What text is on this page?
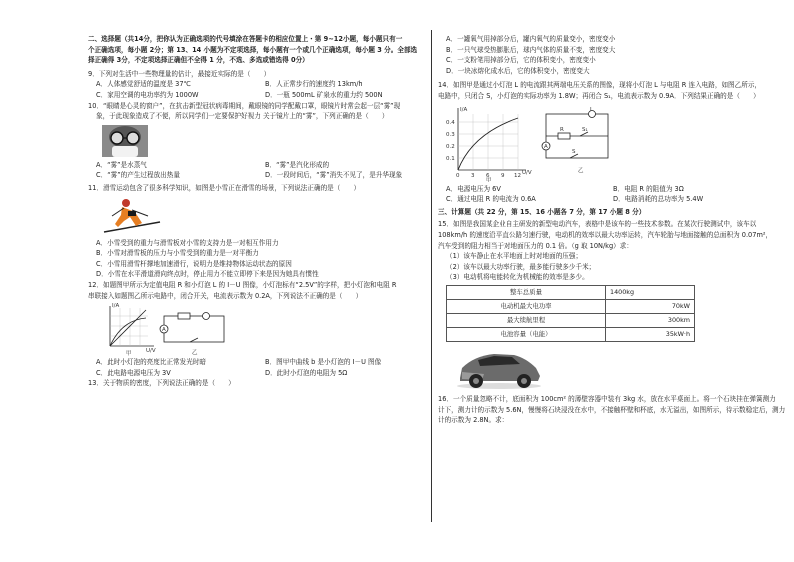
二、选择题（共14分，把你认为正确选项的代号填涂在答题卡的相应位置上・第 9~12小题，每小题只有一
个正确选项，每小题 2分；第 13、14 小题为不定项选择，每小题有一个或几个正确选项，每小题 3 分。全部选
择正确得 3分，不定项选择正确但不全得 1 分，不选、多选或错选得 0分）
9．下列对生活中一些物理量的估计，最接近实际的是（　　）
A．人体感觉舒适的温度是 37℃	B．人正常步行的速度约 13km/h
C．家用空调的电功率约为 1000W	D．一瓶 500mL 矿泉水的重力约 500N
10．“眼睛是心灵的窗户”，在抗击新型冠状病毒期间，戴眼镜的同学配戴口罩，眼镜片时常会起一层“雾”现
象，于此现象造成了不便，所以同学们一定要保护好视力 关于镜片上的“雾”，下列正确的是（　　）
A．“雾”是水蒸气	B．“雾”是汽化形成的
C．“雾”的产生过程放出热量	D．一段时间后，“雾”消失不见了，是升华现象
11．滑雪运动包含了很多科学知识，如图是小雪正在滑雪的场景，下列说法正确的是（　　）
A．小雪受到的重力与滑雪板对小雪的支持力是一对相互作用力
B．小雪对滑雪板的压力与小雪受到的重力是一对平衡力
C．小雪用滑雪杆撑地加速滑行，说明力是维持物体运动状态的原因
D．小雪在水平滑道滑向终点时，停止用力不能立即停下来是因为她具有惯性
12．如题图甲所示为定值电阻 R 和小灯泡 L 的 I－U 图像，小灯泡标有“2.5V”的字样，把小灯泡和电阻 R
串联接入如题图乙所示电路中，闭合开关，电流表示数为 0.2A，下列说法不正确的是（　　）
I/A
U/V
甲
A
乙
A．此时小灯泡的亮度比正常发光时暗	B．图甲中曲线 b 是小灯泡的 I－U 图像
C．此电路电源电压为 3V	D．此时小灯泡的电阻为 5Ω
13．关于物质的密度，下列说法正确的是（　　）
A．一罐氧气用掉部分后，罐内氧气的质量变小，密度变小
B．一只气球受热膨胀后，球内气体的质量不变，密度变大
C．一支粉笔用掉部分后，它的体积变小，密度变小
D．一块冰熔化成水后，它的体积变小，密度变大
14．如图甲是通过小灯泡 L 的电流跟其两端电压关系的图像，现将小灯泡 L 与电阻 R 连入电路，如图乙所示，
电路中，只闭合 S，小灯泡的实际功率为 1.8W；再闭合 S₁，电流表示数为 0.9A．下列结果正确的是（　　）
I/A
0.4
0.3
0.2
0.1
0 3 6 9 12 U/V
甲
A
R
L
S₁
S
乙
A．电源电压为 6V	B．电阻 R 的阻值为 3Ω
C．通过电阻 R 的电流为 0.6A	D．电路消耗的总功率为 5.4W
三、计算题（共 22 分，第 15、16 小题各 7 分，第 17 小题 8 分）
15．如图是我国某企业自主研发的新型电动汽车，表格中是该车的一些技术参数。在某次行驶测试中，该车以
108km/h 的速度沿平直公路匀速行驶，电动机的效率以最大功率运转，汽车轮胎与地面接触的总面积为 0.07m²，
汽车受到的阻力相当于对地面压力的 0.1 倍。（g 取 10N/kg）求：
（1）该车静止在水平地面上时对地面的压强；
（2）该车以最大功率行驶，最多能行驶多少千米；
（3）电动机将电能转化为机械能的效率是多少。
整车总质量	1400kg
电动机最大电功率	70kW
最大续航里程	300km
电池容量（电能）	35kW·h
16．一个质量忽略不计，底面积为 100cm² 的薄壁容器中装有 3kg 水，放在水平桌面上。将一个石块挂在弹簧测力
计下，测力计的示数为 5.6N，慢慢将石块浸没在水中，不接触杯壁和杯底，水无溢出，如图所示，待示数稳定后，测力
计的示数为 2.8N。求：
